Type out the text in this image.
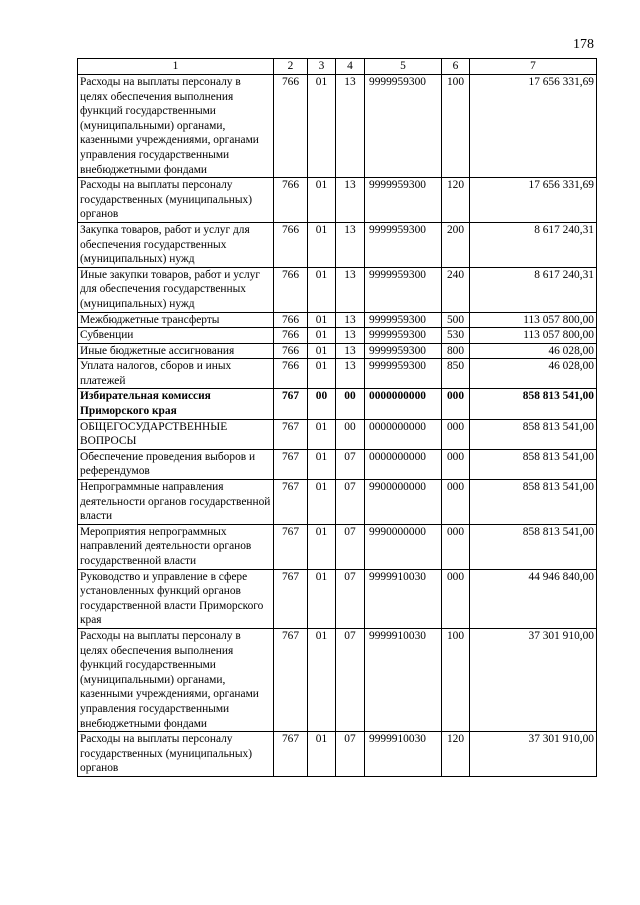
178
1	2	3	4	5	6	7
Расходы на выплаты персоналу в целях обеспечения выполнения функций государственными (муниципальными) органами, казенными учреждениями, органами управления государственными внебюджетными фондами	766	01	13	9999959300	100	17 656 331,69
Расходы на выплаты персоналу государственных (муниципальных) органов	766	01	13	9999959300	120	17 656 331,69
Закупка товаров, работ и услуг для обеспечения государственных (муниципальных) нужд	766	01	13	9999959300	200	8 617 240,31
Иные закупки товаров, работ и услуг для обеспечения государственных (муниципальных) нужд	766	01	13	9999959300	240	8 617 240,31
Межбюджетные трансферты	766	01	13	9999959300	500	113 057 800,00
Субвенции	766	01	13	9999959300	530	113 057 800,00
Иные бюджетные ассигнования	766	01	13	9999959300	800	46 028,00
Уплата налогов, сборов и иных платежей	766	01	13	9999959300	850	46 028,00
Избирательная комиссия Приморского края	767	00	00	0000000000	000	858 813 541,00
ОБЩЕГОСУДАРСТВЕННЫЕ ВОПРОСЫ	767	01	00	0000000000	000	858 813 541,00
Обеспечение проведения выборов и референдумов	767	01	07	0000000000	000	858 813 541,00
Непрограммные направления деятельности органов государственной власти	767	01	07	9900000000	000	858 813 541,00
Мероприятия непрограммных направлений деятельности органов государственной власти	767	01	07	9990000000	000	858 813 541,00
Руководство и управление в сфере установленных функций органов государственной власти Приморского края	767	01	07	9999910030	000	44 946 840,00
Расходы на выплаты персоналу в целях обеспечения выполнения функций государственными (муниципальными) органами, казенными учреждениями, органами управления государственными внебюджетными фондами	767	01	07	9999910030	100	37 301 910,00
Расходы на выплаты персоналу государственных (муниципальных) органов	767	01	07	9999910030	120	37 301 910,00
